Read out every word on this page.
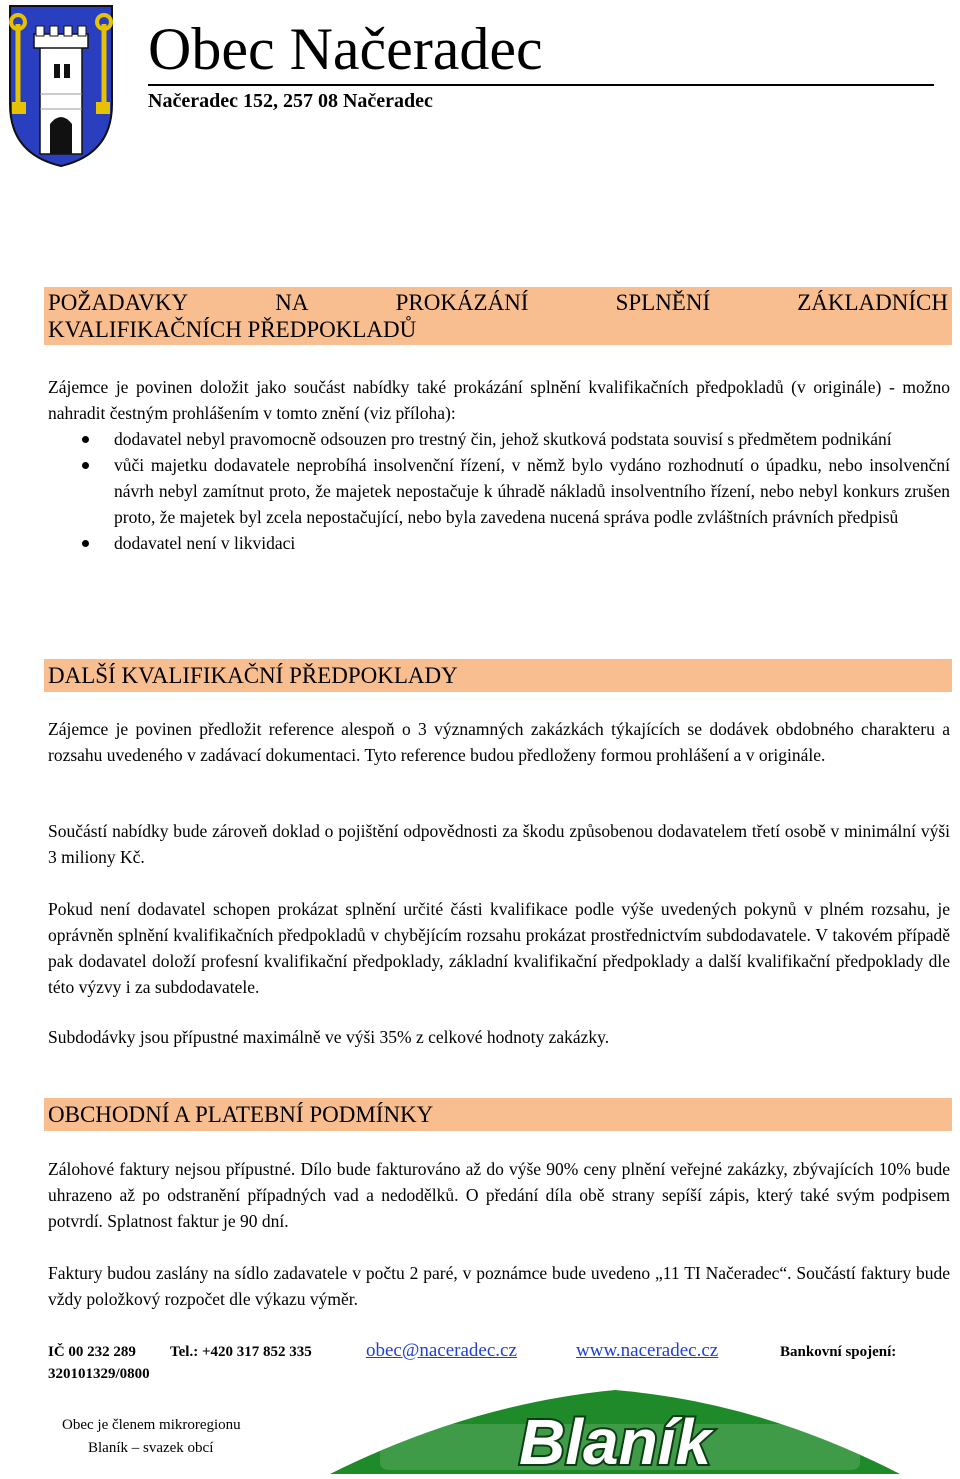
Obec Načeradec
Načeradec 152, 257 08 Načeradec
POŽADAVKY	NA	PROKÁZÁNÍ	SPLNĚNÍ	ZÁKLADNÍCH
KVALIFIKAČNÍCH PŘEDPOKLADŮ
Zájemce je povinen doložit jako součást nabídky také prokázání splnění kvalifikačních předpokladů (v originále) - možno nahradit čestným prohlášením v tomto znění (viz příloha):
dodavatel nebyl pravomocně odsouzen pro trestný čin, jehož skutková podstata souvisí s předmětem podnikání
vůči majetku dodavatele neprobíhá insolvenční řízení, v němž bylo vydáno rozhodnutí o úpadku, nebo insolvenční návrh nebyl zamítnut proto, že majetek nepostačuje k úhradě nákladů insolventního řízení, nebo nebyl konkurs zrušen proto, že majetek byl zcela nepostačující, nebo byla zavedena nucená správa podle zvláštních právních předpisů
dodavatel není v likvidaci
DALŠÍ KVALIFIKAČNÍ PŘEDPOKLADY
Zájemce je povinen předložit reference alespoň o 3 významných zakázkách týkajících se dodávek obdobného charakteru a rozsahu uvedeného v zadávací dokumentaci. Tyto reference budou předloženy formou prohlášení a v originále.
Součástí nabídky bude zároveň doklad o pojištění odpovědnosti za škodu způsobenou dodavatelem třetí osobě v minimální výši 3 miliony Kč.
Pokud není dodavatel schopen prokázat splnění určité části kvalifikace podle výše uvedených pokynů v plném rozsahu, je oprávněn splnění kvalifikačních předpokladů v chybějícím rozsahu prokázat prostřednictvím subdodavatele. V takovém případě pak dodavatel doloží profesní kvalifikační předpoklady, základní kvalifikační předpoklady a další kvalifikační předpoklady dle této výzvy i za subdodavatele.
Subdodávky jsou přípustné maximálně ve výši 35% z celkové hodnoty zakázky.
OBCHODNÍ A PLATEBNÍ PODMÍNKY
Zálohové faktury nejsou přípustné. Dílo bude fakturováno až do výše 90% ceny plnění veřejné zakázky, zbývajících 10% bude uhrazeno až po odstranění případných vad a nedodělků. O předání díla obě strany sepíší zápis, který také svým podpisem potvrdí. Splatnost faktur je 90 dní.
Faktury budou zaslány na sídlo zadavatele v počtu 2 paré, v poznámce bude uvedeno „11 TI Načeradec“. Součástí faktury bude vždy položkový rozpočet dle výkazu výměr.
IČ 00 232 289 Tel.: +420 317 852 335	obec@naceradec.cz	www.naceradec.cz	Bankovní spojení:
320101329/0800
Obec je členem mikroregionu
Blaník – svazek obcí	Blaník
